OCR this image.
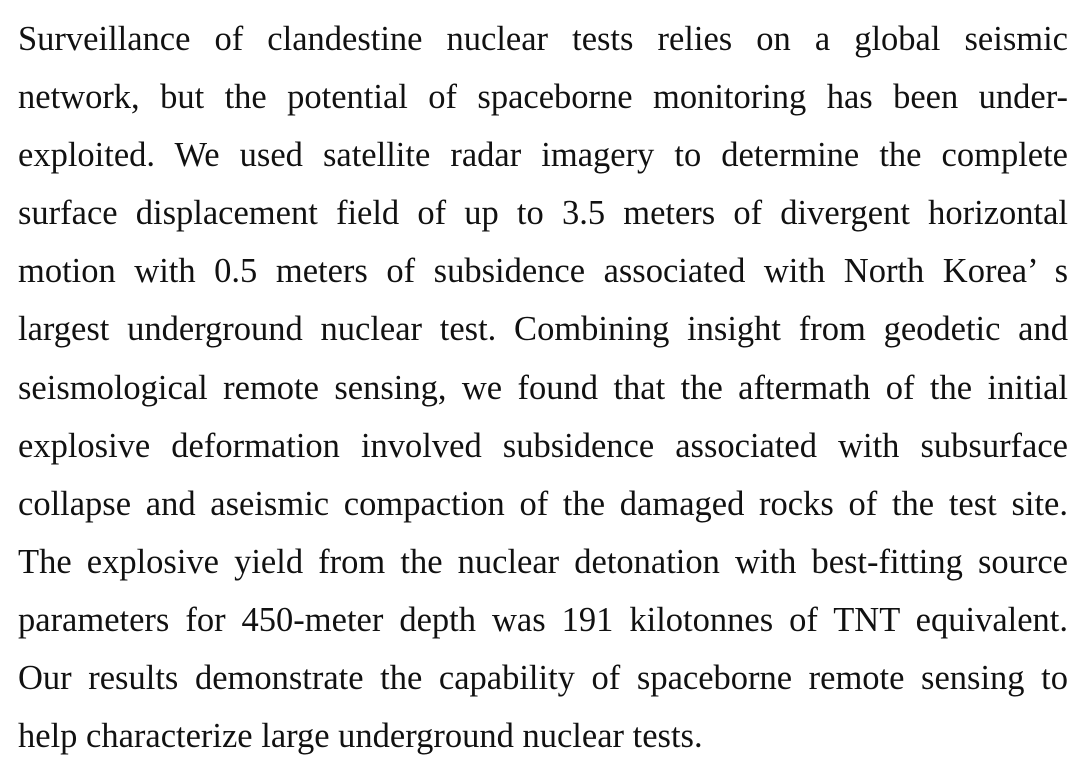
Surveillance of clandestine nuclear tests relies on a global seismic
network, but the potential of spaceborne monitoring has been under-
exploited. We used satellite radar imagery to determine the complete
surface displacement field of up to 3.5 meters of divergent horizontal
motion with 0.5 meters of subsidence associated with North Korea’ s
largest underground nuclear test. Combining insight from geodetic and
seismological remote sensing, we found that the aftermath of the initial
explosive deformation involved subsidence associated with subsurface
collapse and aseismic compaction of the damaged rocks of the test site.
The explosive yield from the nuclear detonation with best-fitting source
parameters for 450-meter depth was 191 kilotonnes of TNT equivalent.
Our results demonstrate the capability of spaceborne remote sensing to
help characterize large underground nuclear tests.
